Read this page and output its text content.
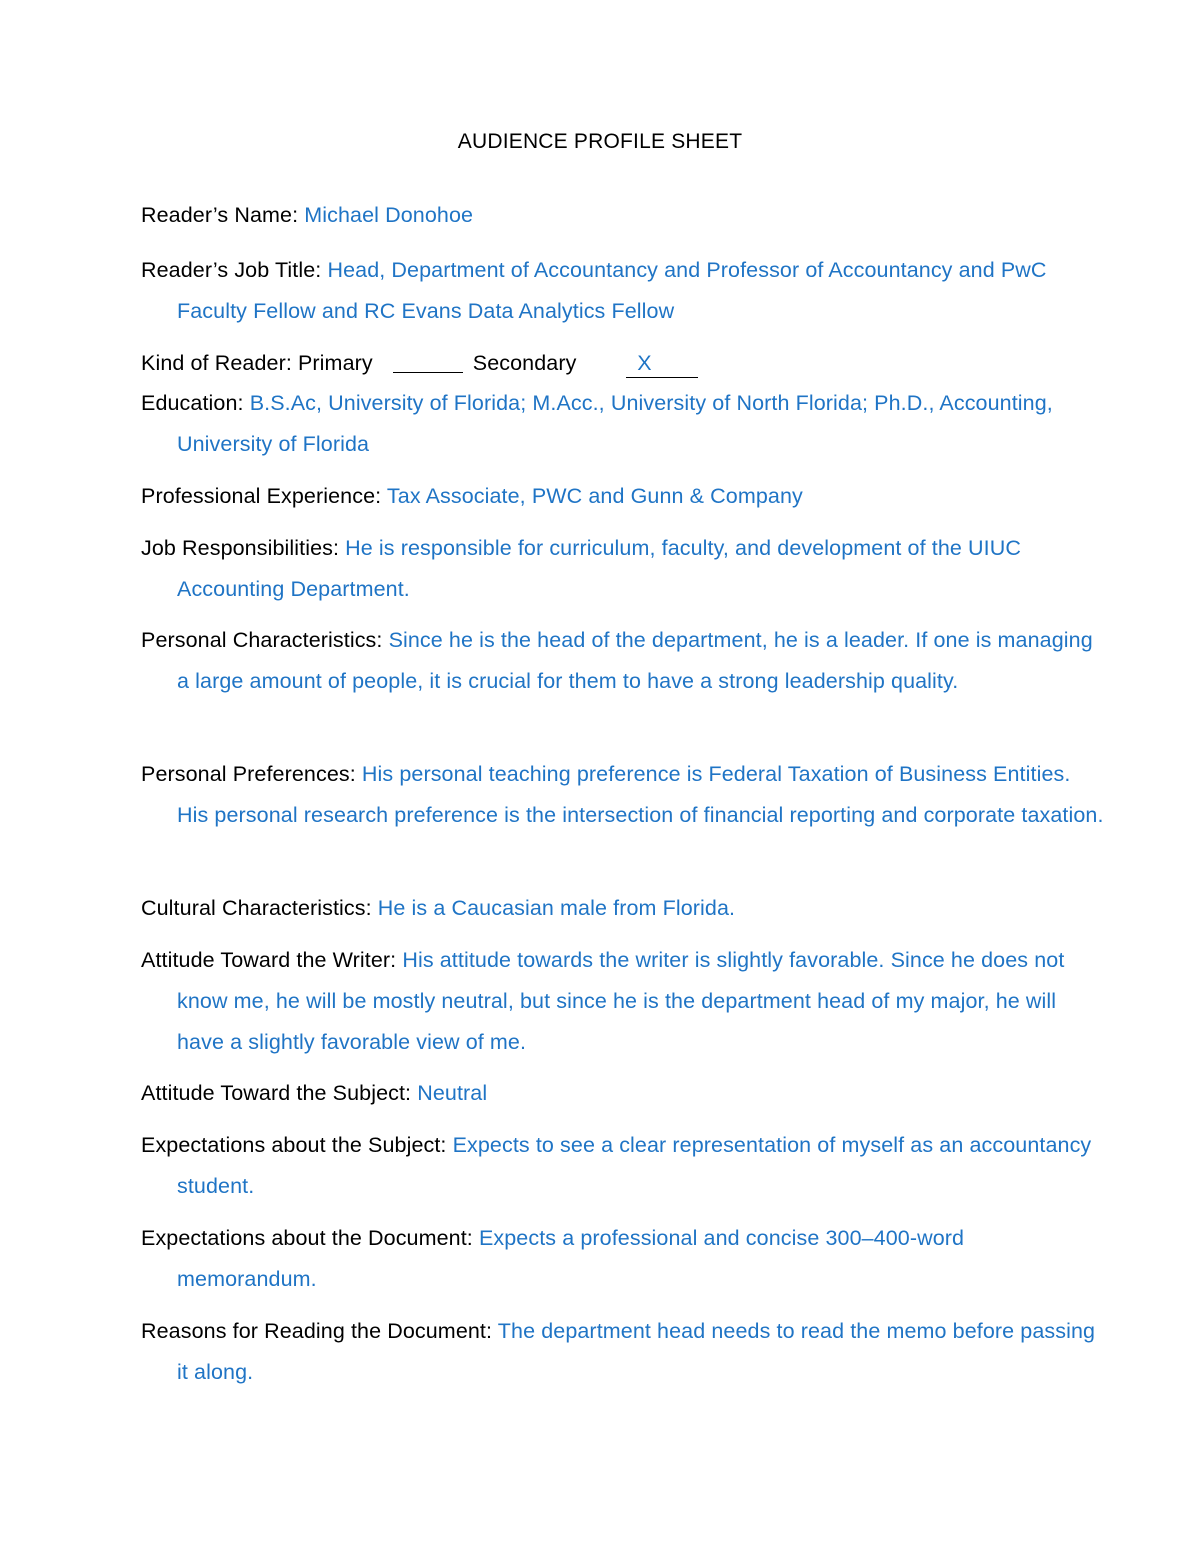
AUDIENCE PROFILE SHEET

Reader’s Name: Michael Donohoe

Reader’s Job Title: Head, Department of Accountancy and Professor of Accountancy and PwC Faculty Fellow and RC Evans Data Analytics Fellow

Kind of Reader: Primary	Secondary	X

Education: B.S.Ac, University of Florida; M.Acc., University of North Florida; Ph.D., Accounting, University of Florida

Professional Experience: Tax Associate, PWC and Gunn & Company

Job Responsibilities: He is responsible for curriculum, faculty, and development of the UIUC Accounting Department.

Personal Characteristics: Since he is the head of the department, he is a leader. If one is managing a large amount of people, it is crucial for them to have a strong leadership quality.

Personal Preferences: His personal teaching preference is Federal Taxation of Business Entities. His personal research preference is the intersection of financial reporting and corporate taxation.

Cultural Characteristics: He is a Caucasian male from Florida.

Attitude Toward the Writer: His attitude towards the writer is slightly favorable. Since he does not know me, he will be mostly neutral, but since he is the department head of my major, he will have a slightly favorable view of me.

Attitude Toward the Subject: Neutral

Expectations about the Subject: Expects to see a clear representation of myself as an accountancy student.

Expectations about the Document: Expects a professional and concise 300–400-word memorandum.

Reasons for Reading the Document: The department head needs to read the memo before passing it along.
